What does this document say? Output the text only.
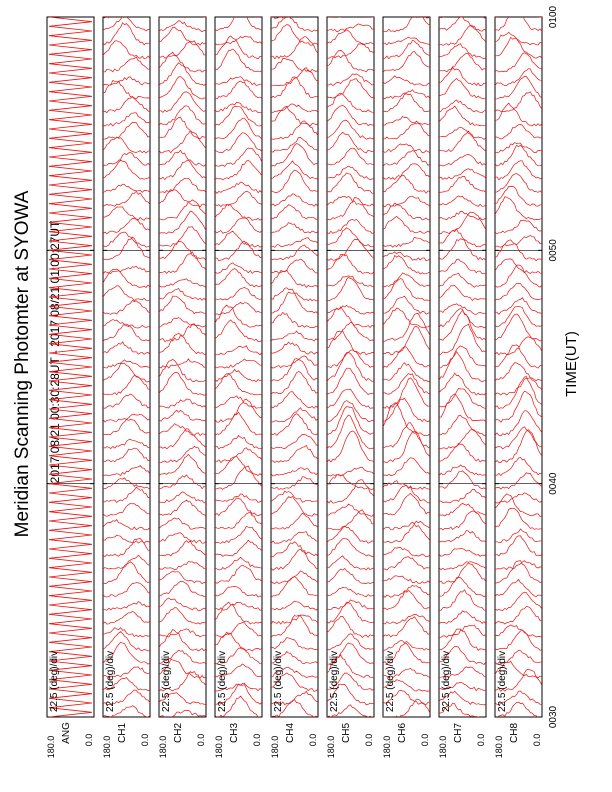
Meridian Scanning Photomter at SYOWA 2017 08/21 00:30:28UT - 2017 08/21 01:00:27UT	TIME(UT)
ANG
180.0	0.0
22.5 (deg)/div
CH1
180.0	0.0
22.5 (deg)/div
CH2
180.0	0.0
22.5 (deg)/div
CH3
180.0	0.0
22.5 (deg)/div
CH4
180.0	0.0
22.5 (deg)/div
CH5
180.0	0.0
22.5 (deg)/div
CH6
180.0	0.0
22.5 (deg)/div
CH7
180.0	0.0
22.5 (deg)/div
CH8
180.0	0.0
22.5 (deg)/div
0030
0040
0050
0100
